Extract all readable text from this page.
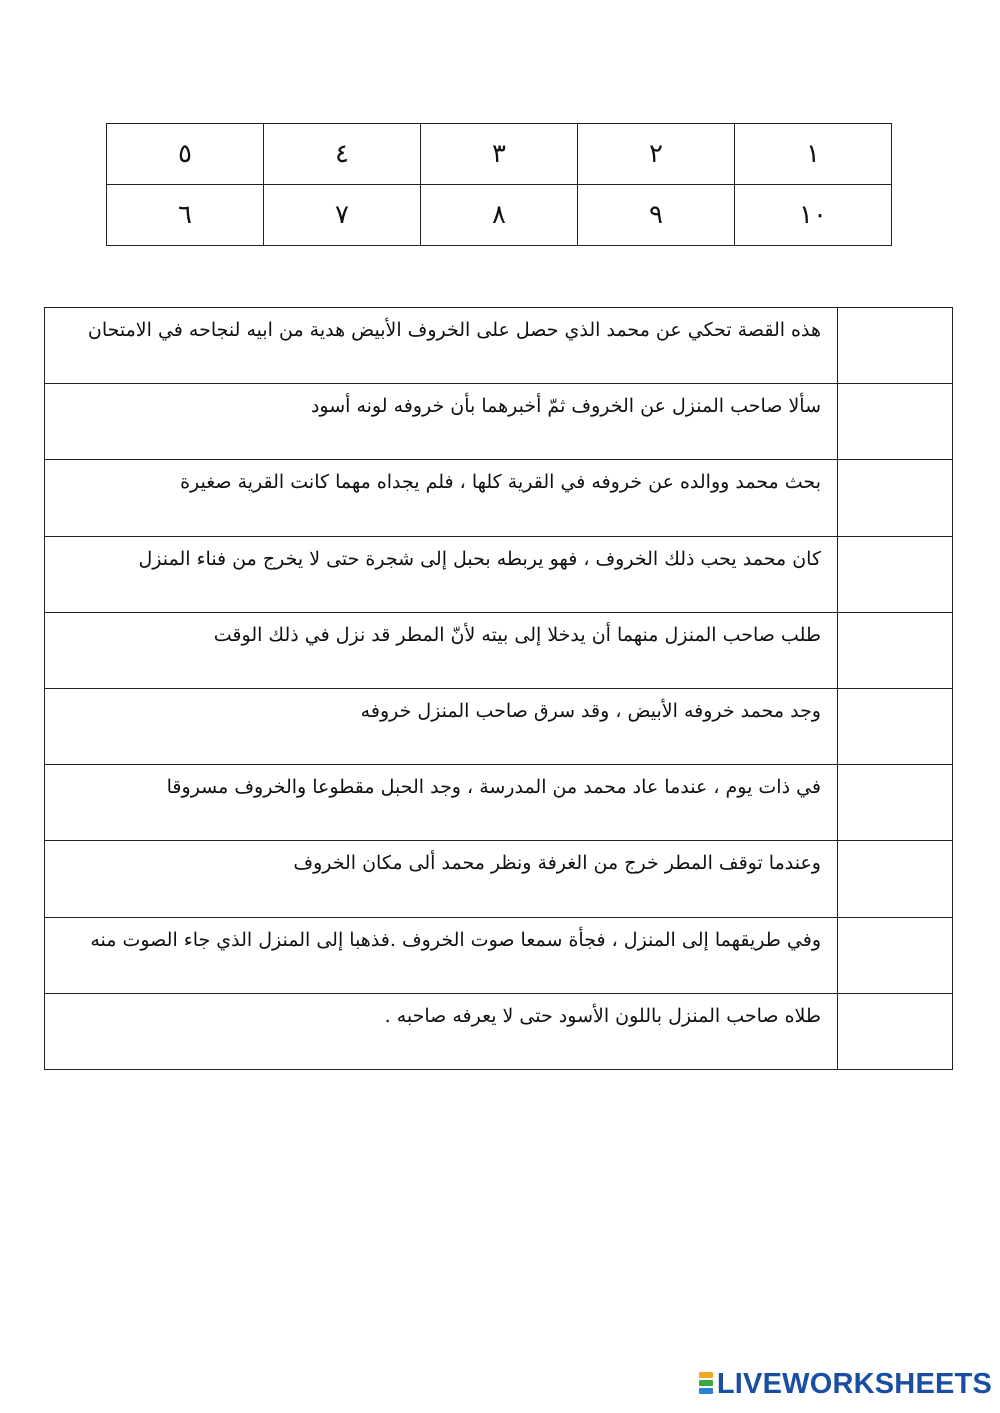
٥	٤	٣	٢	١
٦	٧	٨	٩	١٠
هذه القصة تحكي عن محمد الذي حصل على الخروف الأبيض هدية من ابيه لنجاحه في الامتحان	
سألا صاحب المنزل عن الخروف ثمّ أخبرهما بأن خروفه لونه أسود	
بحث محمد ووالده عن خروفه في القرية كلها ، فلم يجداه مهما كانت القرية صغيرة	
كان محمد يحب ذلك الخروف ، فهو يربطه بحبل إلى شجرة حتى لا يخرج من فناء المنزل	
طلب صاحب المنزل منهما أن يدخلا إلى بيته لأنّ المطر قد نزل في ذلك الوقت	
وجد محمد خروفه الأبيض ، وقد سرق صاحب المنزل خروفه	
في ذات يوم ، عندما عاد محمد من المدرسة ، وجد الحبل مقطوعا والخروف مسروقا	
وعندما توقف المطر خرج من الغرفة ونظر محمد ألى مكان الخروف	
وفي طريقهما إلى المنزل ، فجأة سمعا صوت الخروف .فذهبا إلى المنزل الذي جاء الصوت منه	
طلاه صاحب المنزل باللون الأسود حتى لا يعرفه صاحبه .	
LIVEWORKSHEETS
